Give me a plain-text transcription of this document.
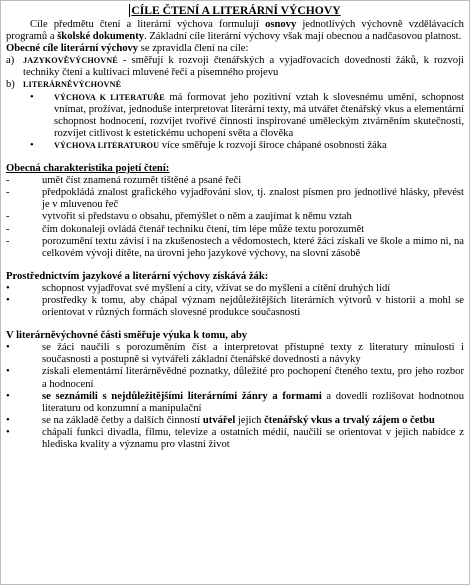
CÍLE ČTENÍ A LITERÁRNÍ VÝCHOVY

Cíle předmětu čtení a literární výchova formulují osnovy jednotlivých výchovně vzdělávacích programů a školské dokumenty. Základní cíle literární výchovy však mají obecnou a nadčasovou platnost.

Obecné cíle literární výchovy se zpravidla člení na cíle:

a)	JAZYKOVĚVÝCHOVNÉ - směřují k rozvoji čtenářských a vyjadřovacích dovedností žáků, k rozvoji techniky čtení a kultivaci mluvené řeči a písemného projevu
b) LITERÁRNĚVÝCHOVNÉ
•	VÝCHOVA K LITERATUŘE má formovat jeho pozitivní vztah k slovesnému umění, schopnost vnímat, prožívat, jednoduše interpretovat literární texty, má utvářet čtenářský vkus a elementární schopnost hodnocení, rozvíjet tvořivé činnosti inspirované uměleckým ztvárněním skutečnosti, rozvíjet citlivost k estetickému uchopení světa a člověka
•	VÝCHOVA LITERATUROU více směřuje k rozvoji široce chápané osobnosti žáka

Obecná charakteristika pojetí čtení:

-	umět číst znamená rozumět tištěné a psané řeči
-	předpokládá znalost grafického vyjadřování slov, tj. znalost písmen pro jednotlivé hlásky, převést je v mluvenou řeč
-	vytvořit si představu o obsahu, přemýšlet o něm a zaujímat k němu vztah
-	čím dokonaleji ovládá čtenář techniku čtení, tím lépe může textu porozumět
-	porozumění textu závisí i na zkušenostech a vědomostech, které žáci získali ve škole a mimo ni, na celkovém vývoji dítěte, na úrovni jeho jazykové výchovy, na slovní zásobě

Prostřednictvím jazykové a literární výchovy získává žák:

•	schopnost vyjadřovat své myšlení a city, vžívat se do myšlení a cítění druhých lidí
•	prostředky k tomu, aby chápal význam nejdůležitějších literárních výtvorů v historii a mohl se orientovat v různých formách slovesné produkce současnosti

V literárněvýchovné části směřuje výuka k tomu, aby

•	se žáci naučili s porozuměním číst a interpretovat přístupné texty z literatury minulosti i současnosti a postupně si vytvářeli základní čtenářské dovednosti a návyky
•	získali elementární literárněvědné poznatky, důležité pro pochopení čteného textu, pro jeho rozbor a hodnocení
•	se seznámili s nejdůležitějšími literárními žánry a formami a dovedli rozlišovat hodnotnou literaturu od konzumní a manipulační
•	se na základě četby a dalších činností utvářel jejich čtenářský vkus a trvalý zájem o četbu
•	chápali funkci divadla, filmu, televize a ostatních médií, naučili se orientovat v jejich nabídce z hlediska kvality a významu pro vlastní život
